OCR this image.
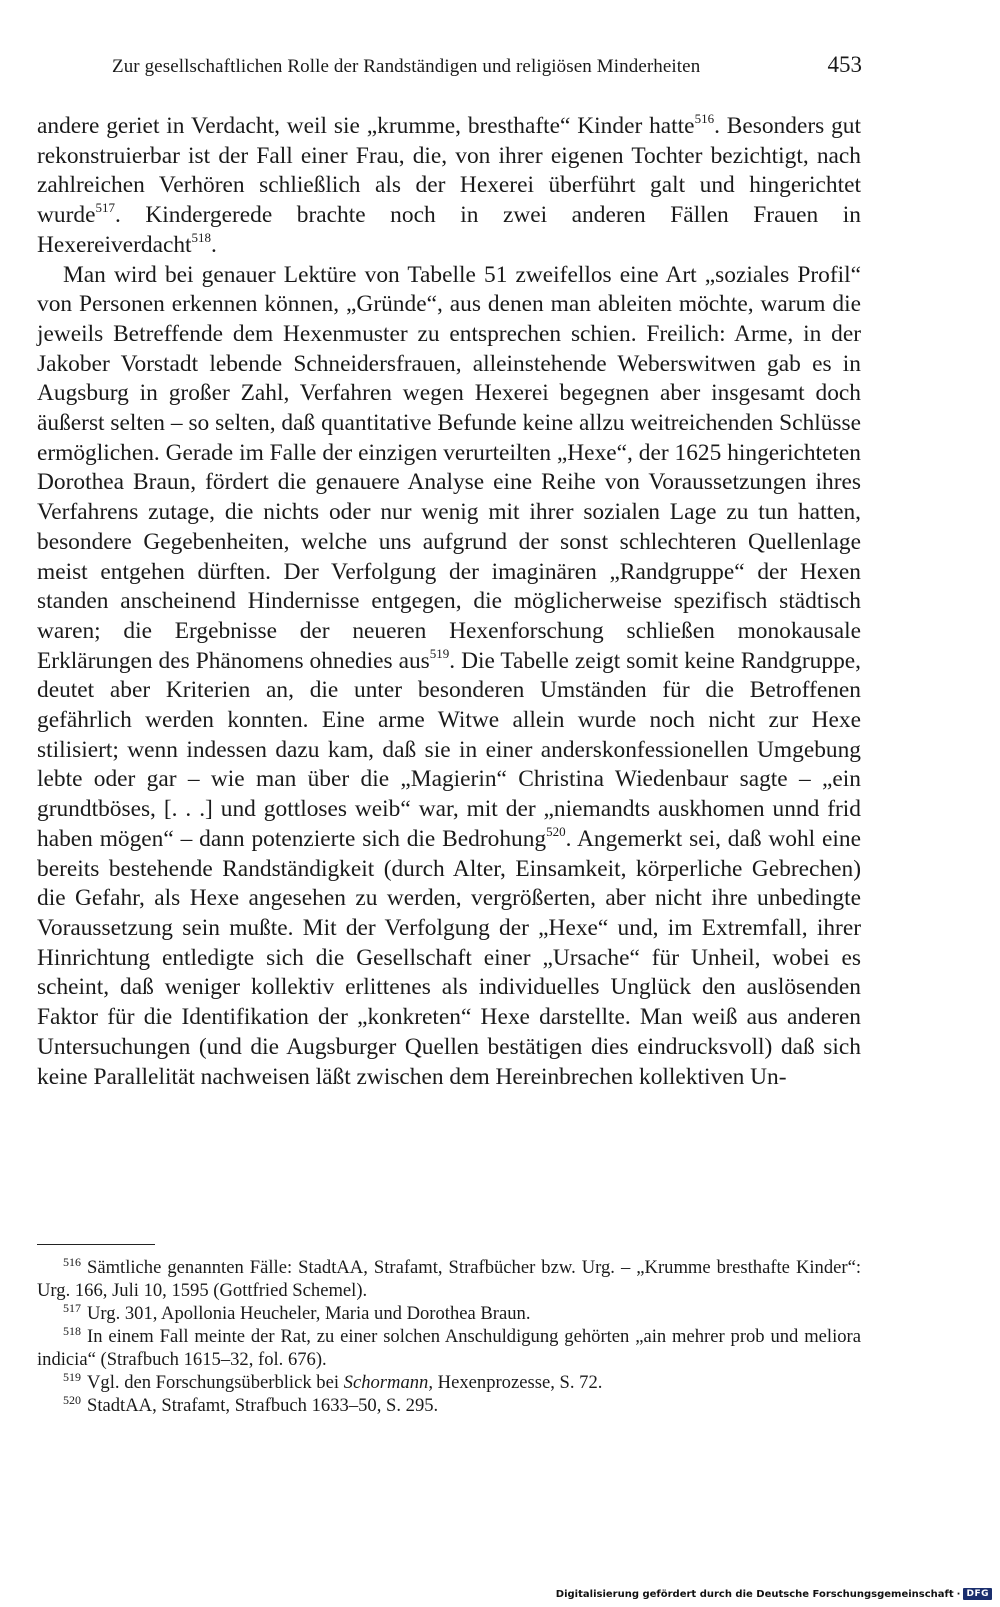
Zur gesellschaftlichen Rolle der Randständigen und religiösen Minderheiten	453

andere geriet in Verdacht, weil sie „krumme, bresthafte“ Kinder hatte$^{516}$. Besonders gut rekonstruierbar ist der Fall einer Frau, die, von ihrer eigenen Tochter bezichtigt, nach zahlreichen Verhören schließlich als der Hexerei überführt galt und hingerichtet wurde$^{517}$. Kindergerede brachte noch in zwei anderen Fällen Frauen in Hexereiverdacht$^{518}$.

Man wird bei genauer Lektüre von Tabelle 51 zweifellos eine Art „soziales Profil“ von Personen erkennen können, „Gründe“, aus denen man ableiten möchte, warum die jeweils Betreffende dem Hexenmuster zu entsprechen schien. Freilich: Arme, in der Jakober Vorstadt lebende Schneidersfrauen, alleinstehende Weberswitwen gab es in Augsburg in großer Zahl, Verfahren wegen Hexerei begegnen aber insgesamt doch äußerst selten – so selten, daß quantitative Befunde keine allzu weitreichenden Schlüsse ermöglichen. Gerade im Falle der einzigen verurteilten „Hexe“, der 1625 hingerichteten Dorothea Braun, fördert die genauere Analyse eine Reihe von Voraussetzungen ihres Verfahrens zutage, die nichts oder nur wenig mit ihrer sozialen Lage zu tun hatten, besondere Gegebenheiten, welche uns aufgrund der sonst schlechteren Quellenlage meist entgehen dürften. Der Verfolgung der imaginären „Randgruppe“ der Hexen standen anscheinend Hindernisse entgegen, die möglicherweise spezifisch städtisch waren; die Ergebnisse der neueren Hexenforschung schließen monokausale Erklärungen des Phänomens ohnedies aus$^{519}$. Die Tabelle zeigt somit keine Randgruppe, deutet aber Kriterien an, die unter besonderen Umständen für die Betroffenen gefährlich werden konnten. Eine arme Witwe allein wurde noch nicht zur Hexe stilisiert; wenn indessen dazu kam, daß sie in einer anderskonfessionellen Umgebung lebte oder gar – wie man über die „Magierin“ Christina Wiedenbaur sagte – „ein grundtböses, [. . .] und gottloses weib“ war, mit der „niemandts auskhomen unnd frid haben mögen“ – dann potenzierte sich die Bedrohung$^{520}$. Angemerkt sei, daß wohl eine bereits bestehende Randständigkeit (durch Alter, Einsamkeit, körperliche Gebrechen) die Gefahr, als Hexe angesehen zu werden, vergrößerten, aber nicht ihre unbedingte Voraussetzung sein mußte. Mit der Verfolgung der „Hexe“ und, im Extremfall, ihrer Hinrichtung entledigte sich die Gesellschaft einer „Ursache“ für Unheil, wobei es scheint, daß weniger kollektiv erlittenes als individuelles Unglück den auslösenden Faktor für die Identifikation der „konkreten“ Hexe darstellte. Man weiß aus anderen Untersuchungen (und die Augsburger Quellen bestätigen dies eindrucksvoll) daß sich keine Parallelität nachweisen läßt zwischen dem Hereinbrechen kollektiven Un-

$^{516}$ Sämtliche genannten Fälle: StadtAA, Strafamt, Strafbücher bzw. Urg. – „Krumme bresthafte Kinder“: Urg. 166, Juli 10, 1595 (Gottfried Schemel).

$^{517}$ Urg. 301, Apollonia Heucheler, Maria und Dorothea Braun.

$^{518}$ In einem Fall meinte der Rat, zu einer solchen Anschuldigung gehörten „ain mehrer prob und meliora indicia“ (Strafbuch 1615–32, fol. 676).

$^{519}$ Vgl. den Forschungsüberblick bei Schormann, Hexenprozesse, S. 72.

$^{520}$ StadtAA, Strafamt, Strafbuch 1633–50, S. 295.

Digitalisierung gefördert durch die Deutsche Forschungsgemeinschaft · DFG
